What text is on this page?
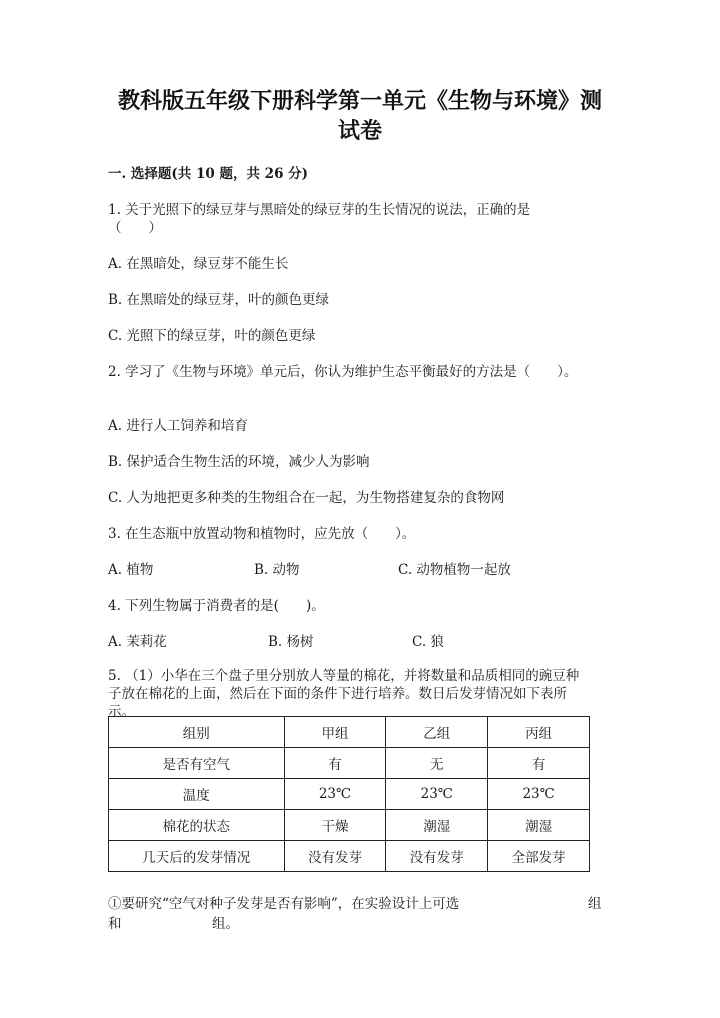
教科版五年级下册科学第一单元《生物与环境》测
试卷
一. 选择题(共 10 题，共 26 分)
1. 关于光照下的绿豆芽与黑暗处的绿豆芽的生长情况的说法，正确的是
（　　）
A. 在黑暗处，绿豆芽不能生长
B. 在黑暗处的绿豆芽，叶的颜色更绿
C. 光照下的绿豆芽，叶的颜色更绿
2. 学习了《生物与环境》单元后，你认为维护生态平衡最好的方法是（　　）。
A. 进行人工饲养和培育
B. 保护适合生物生活的环境，减少人为影响
C. 人为地把更多种类的生物组合在一起，为生物搭建复杂的食物网
3. 在生态瓶中放置动物和植物时，应先放（　　）。
A. 植物	B. 动物	C. 动物植物一起放
4. 下列生物属于消费者的是(　　)。
A. 茉莉花	B. 杨树	C. 狼
5. （1）小华在三个盘子里分别放人等量的棉花，并将数量和品质相同的豌豆种
子放在棉花的上面，然后在下面的条件下进行培养。数日后发芽情况如下表所
示。
组别	甲组	乙组	丙组
是否有空气	有	无	有
温度	23℃	23℃	23℃
棉花的状态	干燥	潮湿	潮湿
几天后的发芽情况	没有发芽	没有发芽	全部发芽
①要研究“空气对种子发芽是否有影响”，在实验设计上可选	组
和	组。
